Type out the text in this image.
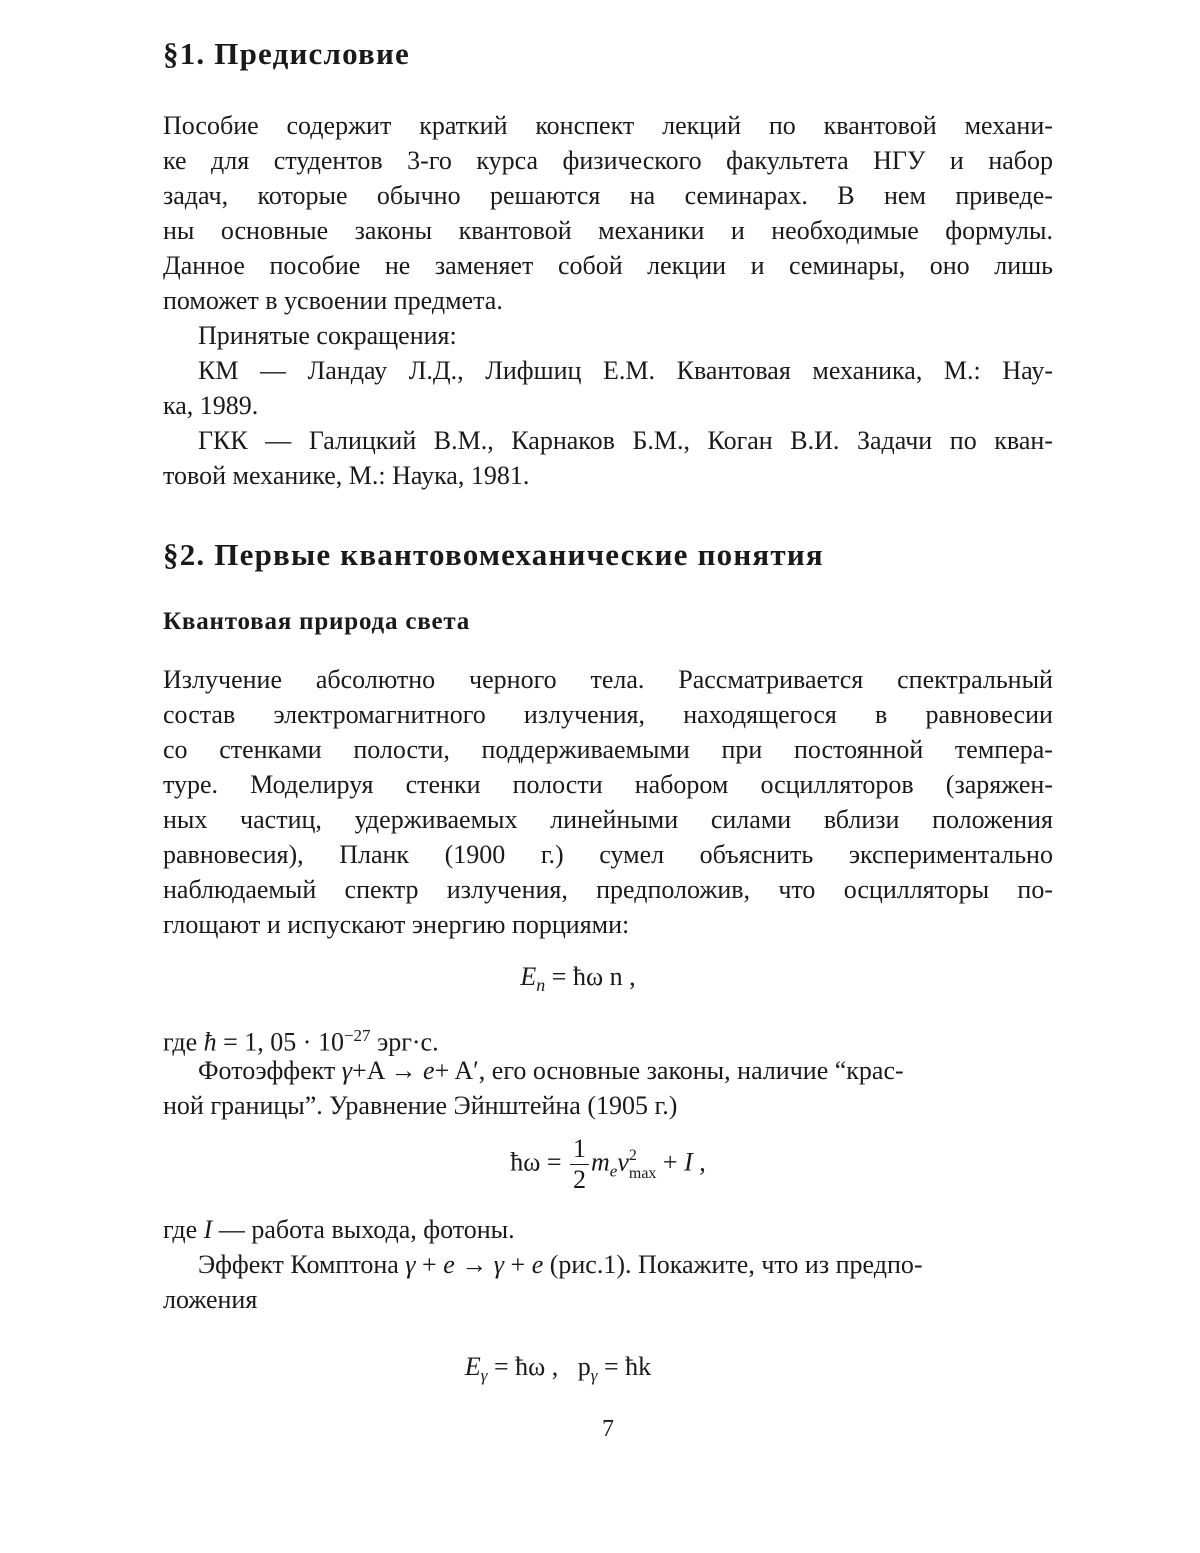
§1. Предисловие
Пособие содержит краткий конспект лекций по квантовой механи-
ке для студентов 3-го курса физического факультета НГУ и набор
задач, которые обычно решаются на семинарах. В нем приведе-
ны основные законы квантовой механики и необходимые формулы.
Данное пособие не заменяет собой лекции и семинары, оно лишь
поможет в усвоении предмета.
Принятые сокращения:
КМ — Ландау Л.Д., Лифшиц Е.М. Квантовая механика, М.: Нау-
ка, 1989.
ГКК — Галицкий В.М., Карнаков Б.М., Коган В.И. Задачи по кван-
товой механике, М.: Наука, 1981.
§2. Первые квантовомеханические понятия
Квантовая природа света
Излучение абсолютно черного тела. Рассматривается спектральный
состав электромагнитного излучения, находящегося в равновесии
со стенками полости, поддерживаемыми при постоянной темпера-
туре. Моделируя стенки полости набором осцилляторов (заряжен-
ных частиц, удерживаемых линейными силами вблизи положения
равновесия), Планк (1900 г.) сумел объяснить экспериментально
наблюдаемый спектр излучения, предположив, что осцилляторы по-
глощают и испускают энергию порциями:
$E_n$ = ħω n ,
где ħ = 1, $05 \cdot 10^{-27}$ эрг·с.
Фотоэффект γ+A → e+ A′, его основные законы, наличие “крас-
ной границы”. Уравнение Эйнштейна (1905 г.)
ħω = $\frac{1}{2} m_ev$ 2
max + I ,
где I — работа выхода, фотоны.
Эффект Комптона γ + e → γ + e (рис.1). Покажите, что из предпо-
ложения
$E_\gamma$ = ħω ,   $p_\gamma$ = ħk
7
